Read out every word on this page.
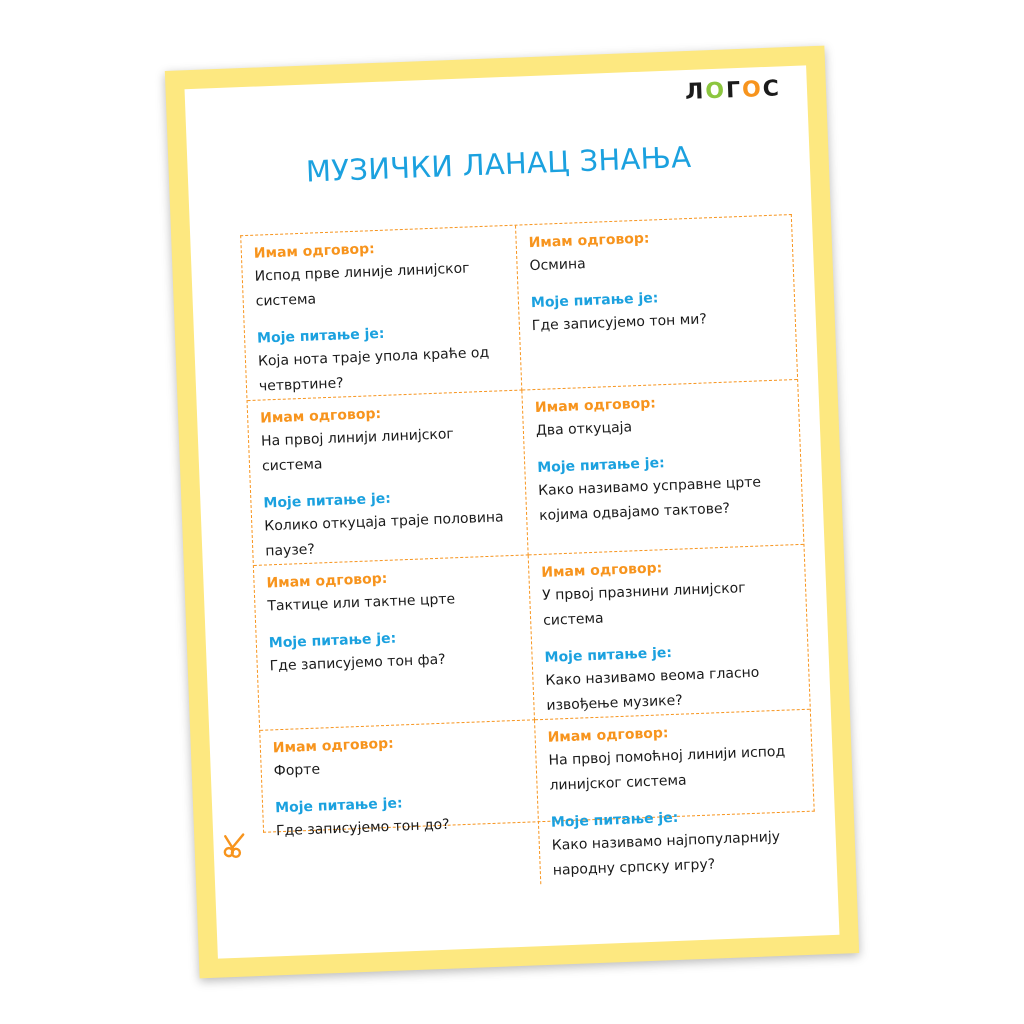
ЛОГОС
МУЗИЧКИ ЛАНАЦ ЗНАЊА
Имам одговор:
Испод прве линије линијског система
Моје питање је:
Која нота траје упола краће од четвртине?
Имам одговор:
Осмина
Моје питање је:
Где записујемо тон ми?
Имам одговор:
На првој линији линијског система
Моје питање је:
Колико откуцаја траје половина паузе?
Имам одговор:
Два откуцаја
Моје питање је:
Како називамо усправне црте којима одвајамо тактове?
Имам одговор:
Тактице или тактне црте
Моје питање је:
Где записујемо тон фа?
Имам одговор:
У првој празнини линијског система
Моје питање је:
Како називамо веома гласно извођење музике?
Имам одговор:
Форте
Моје питање је:
Где записујемо тон до?
Имам одговор:
На првој помоћној линији испод линијског система
Моје питање је:
Како називамо најпопуларнију народну српску игру?
